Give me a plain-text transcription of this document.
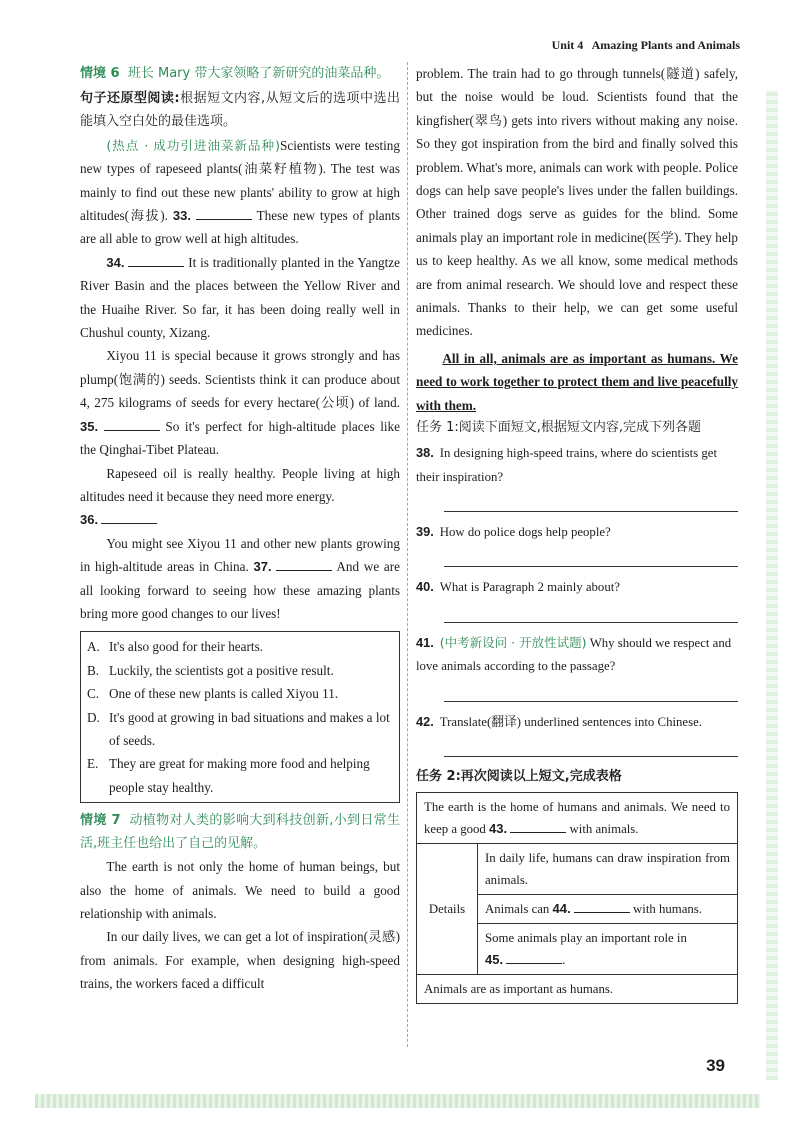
Unit 4 Amazing Plants and Animals

情境 6 班长 Mary 带大家领略了新研究的油菜品种。

句子还原型阅读:根据短文内容,从短文后的选项中选出能填入空白处的最佳选项。

(热点 · 成功引进油菜新品种)Scientists were testing new types of rapeseed plants(油菜籽植物). The test was mainly to find out these new plants' ability to grow at high altitudes(海拔). 33.	These new types of plants are all able to grow well at high altitudes.

34.	It is traditionally planted in the Yangtze River Basin and the places between the Yellow River and the Huaihe River. So far, it has been doing really well in Chushul county, Xizang.

Xiyou 11 is special because it grows strongly and has plump(饱满的) seeds. Scientists think it can produce about 4, 275 kilograms of seeds for every hectare(公顷) of land. 35.	So it's perfect for high-altitude places like the Qinghai-Tibet Plateau.

Rapeseed oil is really healthy. People living at high altitudes need it because they need more energy.

36.

You might see Xiyou 11 and other new plants growing in high-altitude areas in China. 37.	And we are all looking forward to seeing how these amazing plants bring more good changes to our lives!

A. It's also good for their hearts.
B. Luckily, the scientists got a positive result.
C. One of these new plants is called Xiyou 11.
D. It's good at growing in bad situations and makes a lot of seeds.
E. They are great for making more food and helping people stay healthy.

情境 7 动植物对人类的影响大到科技创新,小到日常生活,班主任也给出了自己的见解。

The earth is not only the home of human beings, but also the home of animals. We need to build a good relationship with animals.

In our daily lives, we can get a lot of inspiration(灵感) from animals. For example, when designing high-speed trains, the workers faced a difficult

problem. The train had to go through tunnels(隧道) safely, but the noise would be loud. Scientists found that the kingfisher(翠鸟) gets into rivers without making any noise. So they got inspiration from the bird and finally solved this problem. What's more, animals can work with people. Police dogs can help save people's lives under the fallen buildings. Other trained dogs serve as guides for the blind. Some animals play an important role in medicine(医学). They help us to keep healthy. As we all know, some medical methods are from animal research. We should love and respect these animals. Thanks to their help, we can get some useful medicines.

All in all, animals are as important as humans. We need to work together to protect them and live peacefully with them.

任务 1:阅读下面短文,根据短文内容,完成下列各题

38. In designing high-speed trains, where do scientists get their inspiration?
39. How do police dogs help people?
40. What is Paragraph 2 mainly about?
41. (中考新设问 · 开放性试题) Why should we respect and love animals according to the passage?
42. Translate(翻译) underlined sentences into Chinese.

任务 2:再次阅读以上短文,完成表格

The earth is the home of humans and animals. We need to keep a good 43.	with animals.
Details	In daily life, humans can draw inspiration from animals.
Animals can 44.	with humans.
Some animals play an important role in
45.	.
Animals are as important as humans.
39
